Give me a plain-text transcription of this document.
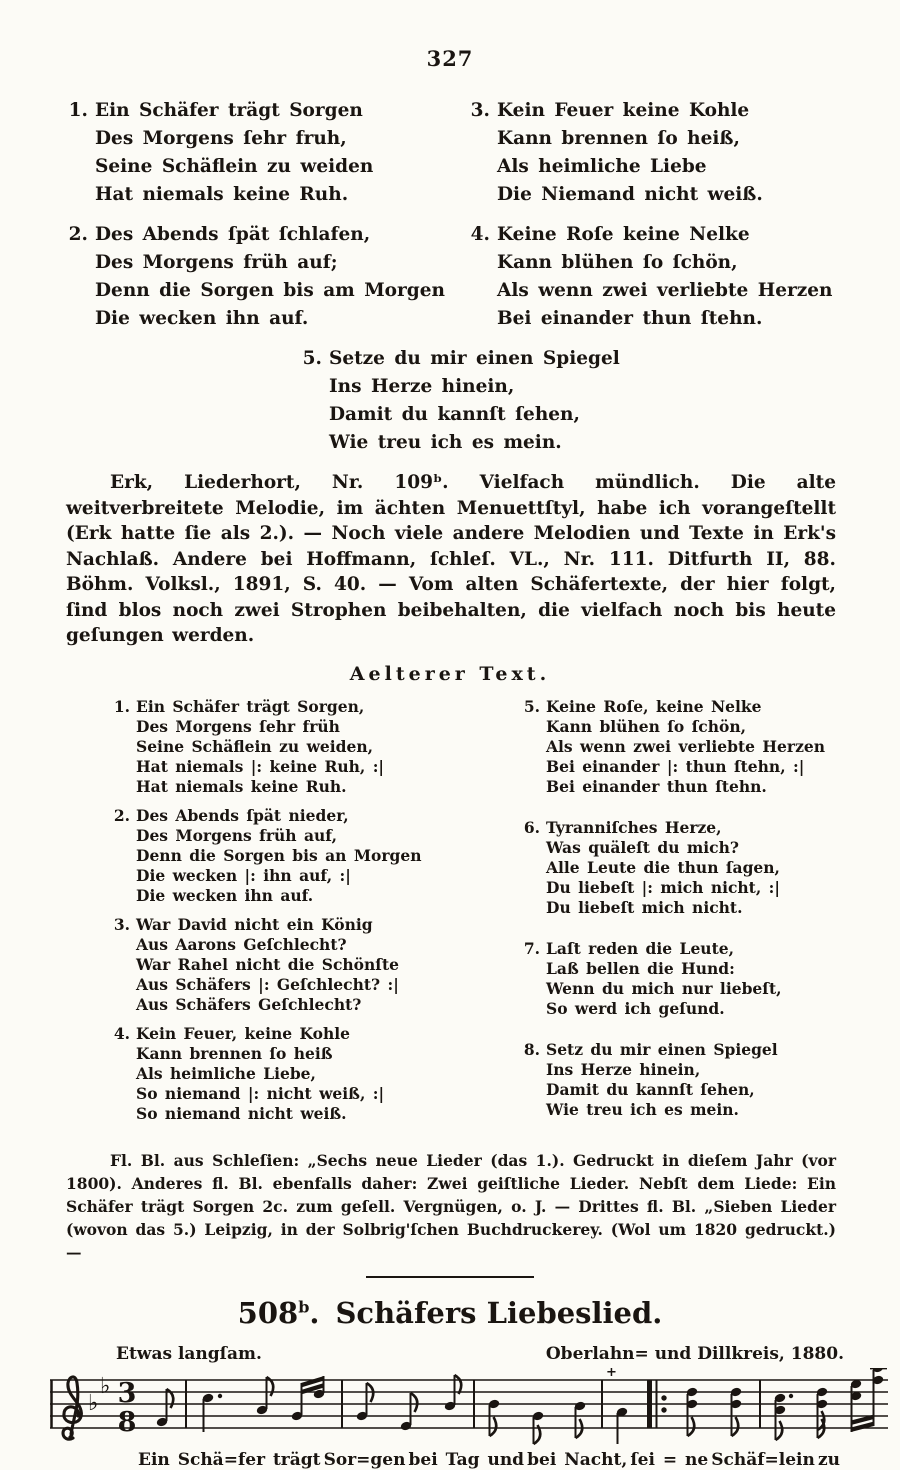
327
1. Ein Schäfer trägt Sorgen
Des Morgens ſehr fruh,
Seine Schäflein zu weiden
Hat niemals keine Ruh.
2. Des Abends ſpät ſchlafen,
Des Morgens früh auf;
Denn die Sorgen bis am Morgen
Die wecken ihn auf.
3. Kein Feuer keine Kohle
Kann brennen ſo heiß,
Als heimliche Liebe
Die Niemand nicht weiß.
4. Keine Roſe keine Nelke
Kann blühen ſo ſchön,
Als wenn zwei verliebte Herzen
Bei einander thun ſtehn.
5. Setze du mir einen Spiegel
Ins Herze hinein,
Damit du kannſt ſehen,
Wie treu ich es mein.

Erk, Liederhort, Nr. 109ᵇ. Vielfach mündlich. Die alte weitverbreitete Melodie, im ächten Menuettſtyl, habe ich vorangeſtellt (Erk hatte ſie als 2.). — Noch viele andere Melodien und Texte in Erk's Nachlaß. Andere bei Hoffmann, ſchleſ. VL., Nr. 111. Ditfurth II, 88. Böhm. Volksl., 1891, S. 40. — Vom alten Schäfertexte, der hier folgt, ſind blos noch zwei Strophen beibehalten, die vielfach noch bis heute geſungen werden.

Aelterer Text.
1. Ein Schäfer trägt Sorgen,
Des Morgens ſehr früh
Seine Schäflein zu weiden,
Hat niemals |: keine Ruh, :|
Hat niemals keine Ruh.
2. Des Abends ſpät nieder,
Des Morgens früh auf,
Denn die Sorgen bis an Morgen
Die wecken |: ihn auf, :|
Die wecken ihn auf.
3. War David nicht ein König
Aus Aarons Geſchlecht?
War Rahel nicht die Schönſte
Aus Schäfers |: Geſchlecht? :|
Aus Schäfers Geſchlecht?
4. Kein Feuer, keine Kohle
Kann brennen ſo heiß
Als heimliche Liebe,
So niemand |: nicht weiß, :|
So niemand nicht weiß.
5. Keine Roſe, keine Nelke
Kann blühen ſo ſchön,
Als wenn zwei verliebte Herzen
Bei einander |: thun ſtehn, :|
Bei einander thun ſtehn.
6. Tyranniſches Herze,
Was quäleſt du mich?
Alle Leute die thun ſagen,
Du liebeſt |: mich nicht, :|
Du liebeſt mich nicht.
7. Laſt reden die Leute,
Laß bellen die Hund:
Wenn du mich nur liebeſt,
So werd ich geſund.
8. Setz du mir einen Spiegel
Ins Herze hinein,
Damit du kannſt ſehen,
Wie treu ich es mein.

Fl. Bl. aus Schleſien: „Sechs neue Lieder (das 1.). Gedruckt in dieſem Jahr (vor 1800). Anderes fl. Bl. ebenfalls daher: Zwei geiſtliche Lieder. Nebſt dem Liede: Ein Schäfer trägt Sorgen 2c. zum geſell. Vergnügen, o. J. — Drittes fl. Bl. „Sieben Lieder (wovon das 5.) Leipzig, in der Solbrig'ſchen Buchdruckerey. (Wol um 1820 gedruckt.) —

508$^b$. Schäfers Liebeslied.
Etwas langſam.	Oberlahn= und Dillkreis, 1880.
♭
♭ 3
8
+
Ein Schä=fer trägt Sor=gen bei Tag und bei Nacht, ſei = ne Schäf=lein zu
